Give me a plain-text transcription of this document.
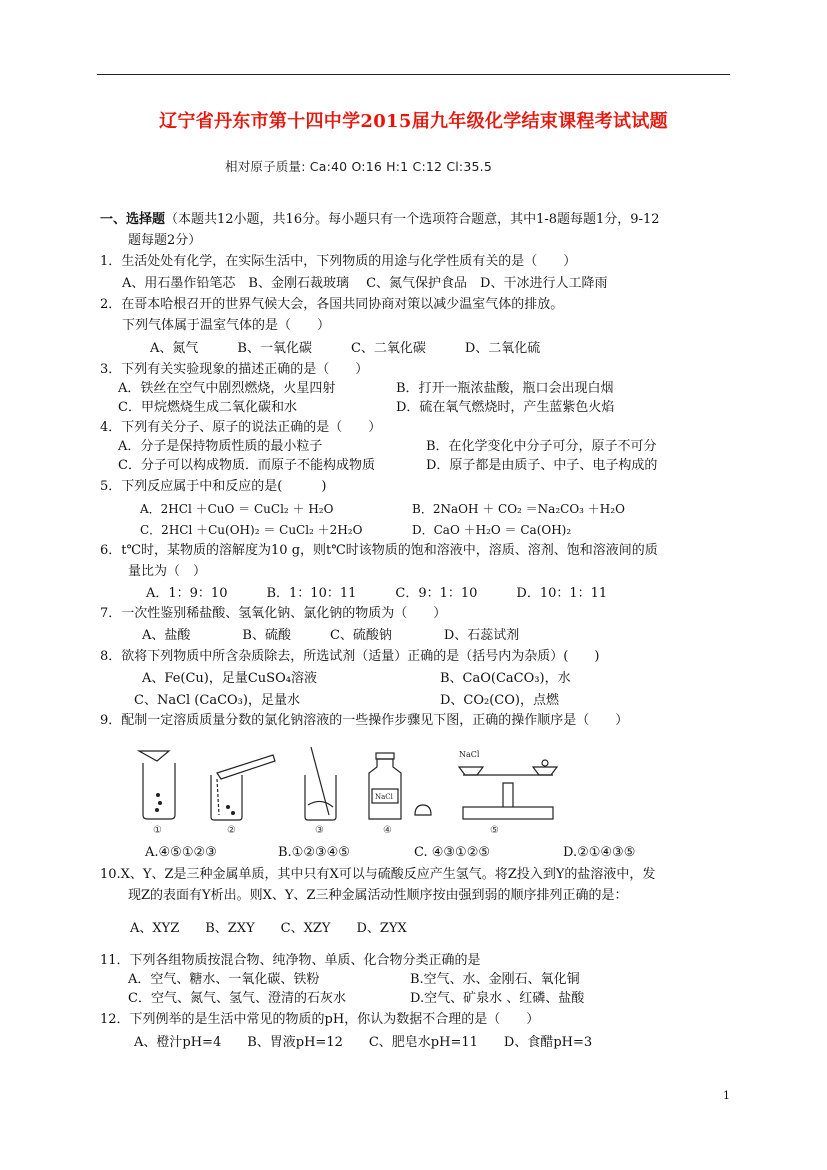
辽宁省丹东市第十四中学2015届九年级化学结束课程考试试题
相对原子质量: Ca:40 O:16 H:1 C:12 Cl:35.5
一、选择题（本题共12小题，共16分。每小题只有一个选项符合题意，其中1-8题每题1分，9-12
题每题2分）
1．生活处处有化学，在实际生活中，下列物质的用途与化学性质有关的是（　　）
A、用石墨作铅笔芯　B、金刚石裁玻璃　 C、氮气保护食品　D、干冰进行人工降雨
2．在哥本哈根召开的世界气候大会，各国共同协商对策以减少温室气体的排放。
下列气体属于温室气体的是（　　）
A、氮气　　　B、一氧化碳　　　C、二氧化碳　　　D、二氧化硫
3．下列有关实验现象的描述正确的是（　　）
A．铁丝在空气中剧烈燃烧，火星四射	B．打开一瓶浓盐酸，瓶口会出现白烟
C．甲烷燃烧生成二氧化碳和水	D．硫在氧气燃烧时，产生蓝紫色火焰
4．下列有关分子、原子的说法正确的是（　　）
A．分子是保持物质性质的最小粒子	B．在化学变化中分子可分，原子不可分
C．分子可以构成物质．而原子不能构成物质	D．原子都是由质子、中子、电子构成的
5．下列反应属于中和反应的是(　　　)
A．2HCl ＋CuO ＝ CuCl₂ ＋ H₂O	B．2NaOH ＋ CO₂ ＝Na₂CO₃ ＋H₂O
C．2HCl ＋Cu(OH)₂ ＝ CuCl₂ ＋2H₂O	D．CaO ＋H₂O ＝ Ca(OH)₂
6．t℃时，某物质的溶解度为10 g，则t℃时该物质的饱和溶液中，溶质、溶剂、饱和溶液间的质
量比为（　）
A．1：9：10　　　B．1：10：11　　　C．9：1：10　　　D．10：1：11
7．一次性鉴别稀盐酸、氢氧化钠、氯化钠的物质为（　　）
A、盐酸　　　　B、硫酸　　　C、硫酸钠　　　　D、石蕊试剂
8．欲将下列物质中所含杂质除去，所选试剂（适量）正确的是（括号内为杂质）(　　)
A、Fe(Cu)，足量CuSO₄溶液	B、CaO(CaCO₃)，水
C、NaCl (CaCO₃)，足量水	D、CO₂(CO)，点燃
9．配制一定溶质质量分数的氯化钠溶液的一些操作步骤见下图，正确的操作顺序是（　　）
NaCl
NaCl
①	②	③	④	⑤
A.④⑤①②③	B.①②③④⑤	C. ④③①②⑤	D.②①④③⑤
10.X、Y、Z是三种金属单质，其中只有X可以与硫酸反应产生氢气。将Z投入到Y的盐溶液中，发
现Z的表面有Y析出。则X、Y、Z三种金属活动性顺序按由强到弱的顺序排列正确的是：
A、XYZ　　B、ZXY　　C、XZY　　D、ZYX
11．下列各组物质按混合物、纯净物、单质、化合物分类正确的是
A．空气、糖水、一氧化碳、铁粉	B.空气、水、金刚石、氧化铜
C．空气、氮气、氢气、澄清的石灰水	D.空气、矿泉水 、红磷、盐酸
12．下列例举的是生活中常见的物质的pH，你认为数据不合理的是（　　）
A、橙汁pH=4　　B、胃液pH=12　　C、肥皂水pH=11　　D、食醋pH=3
1
